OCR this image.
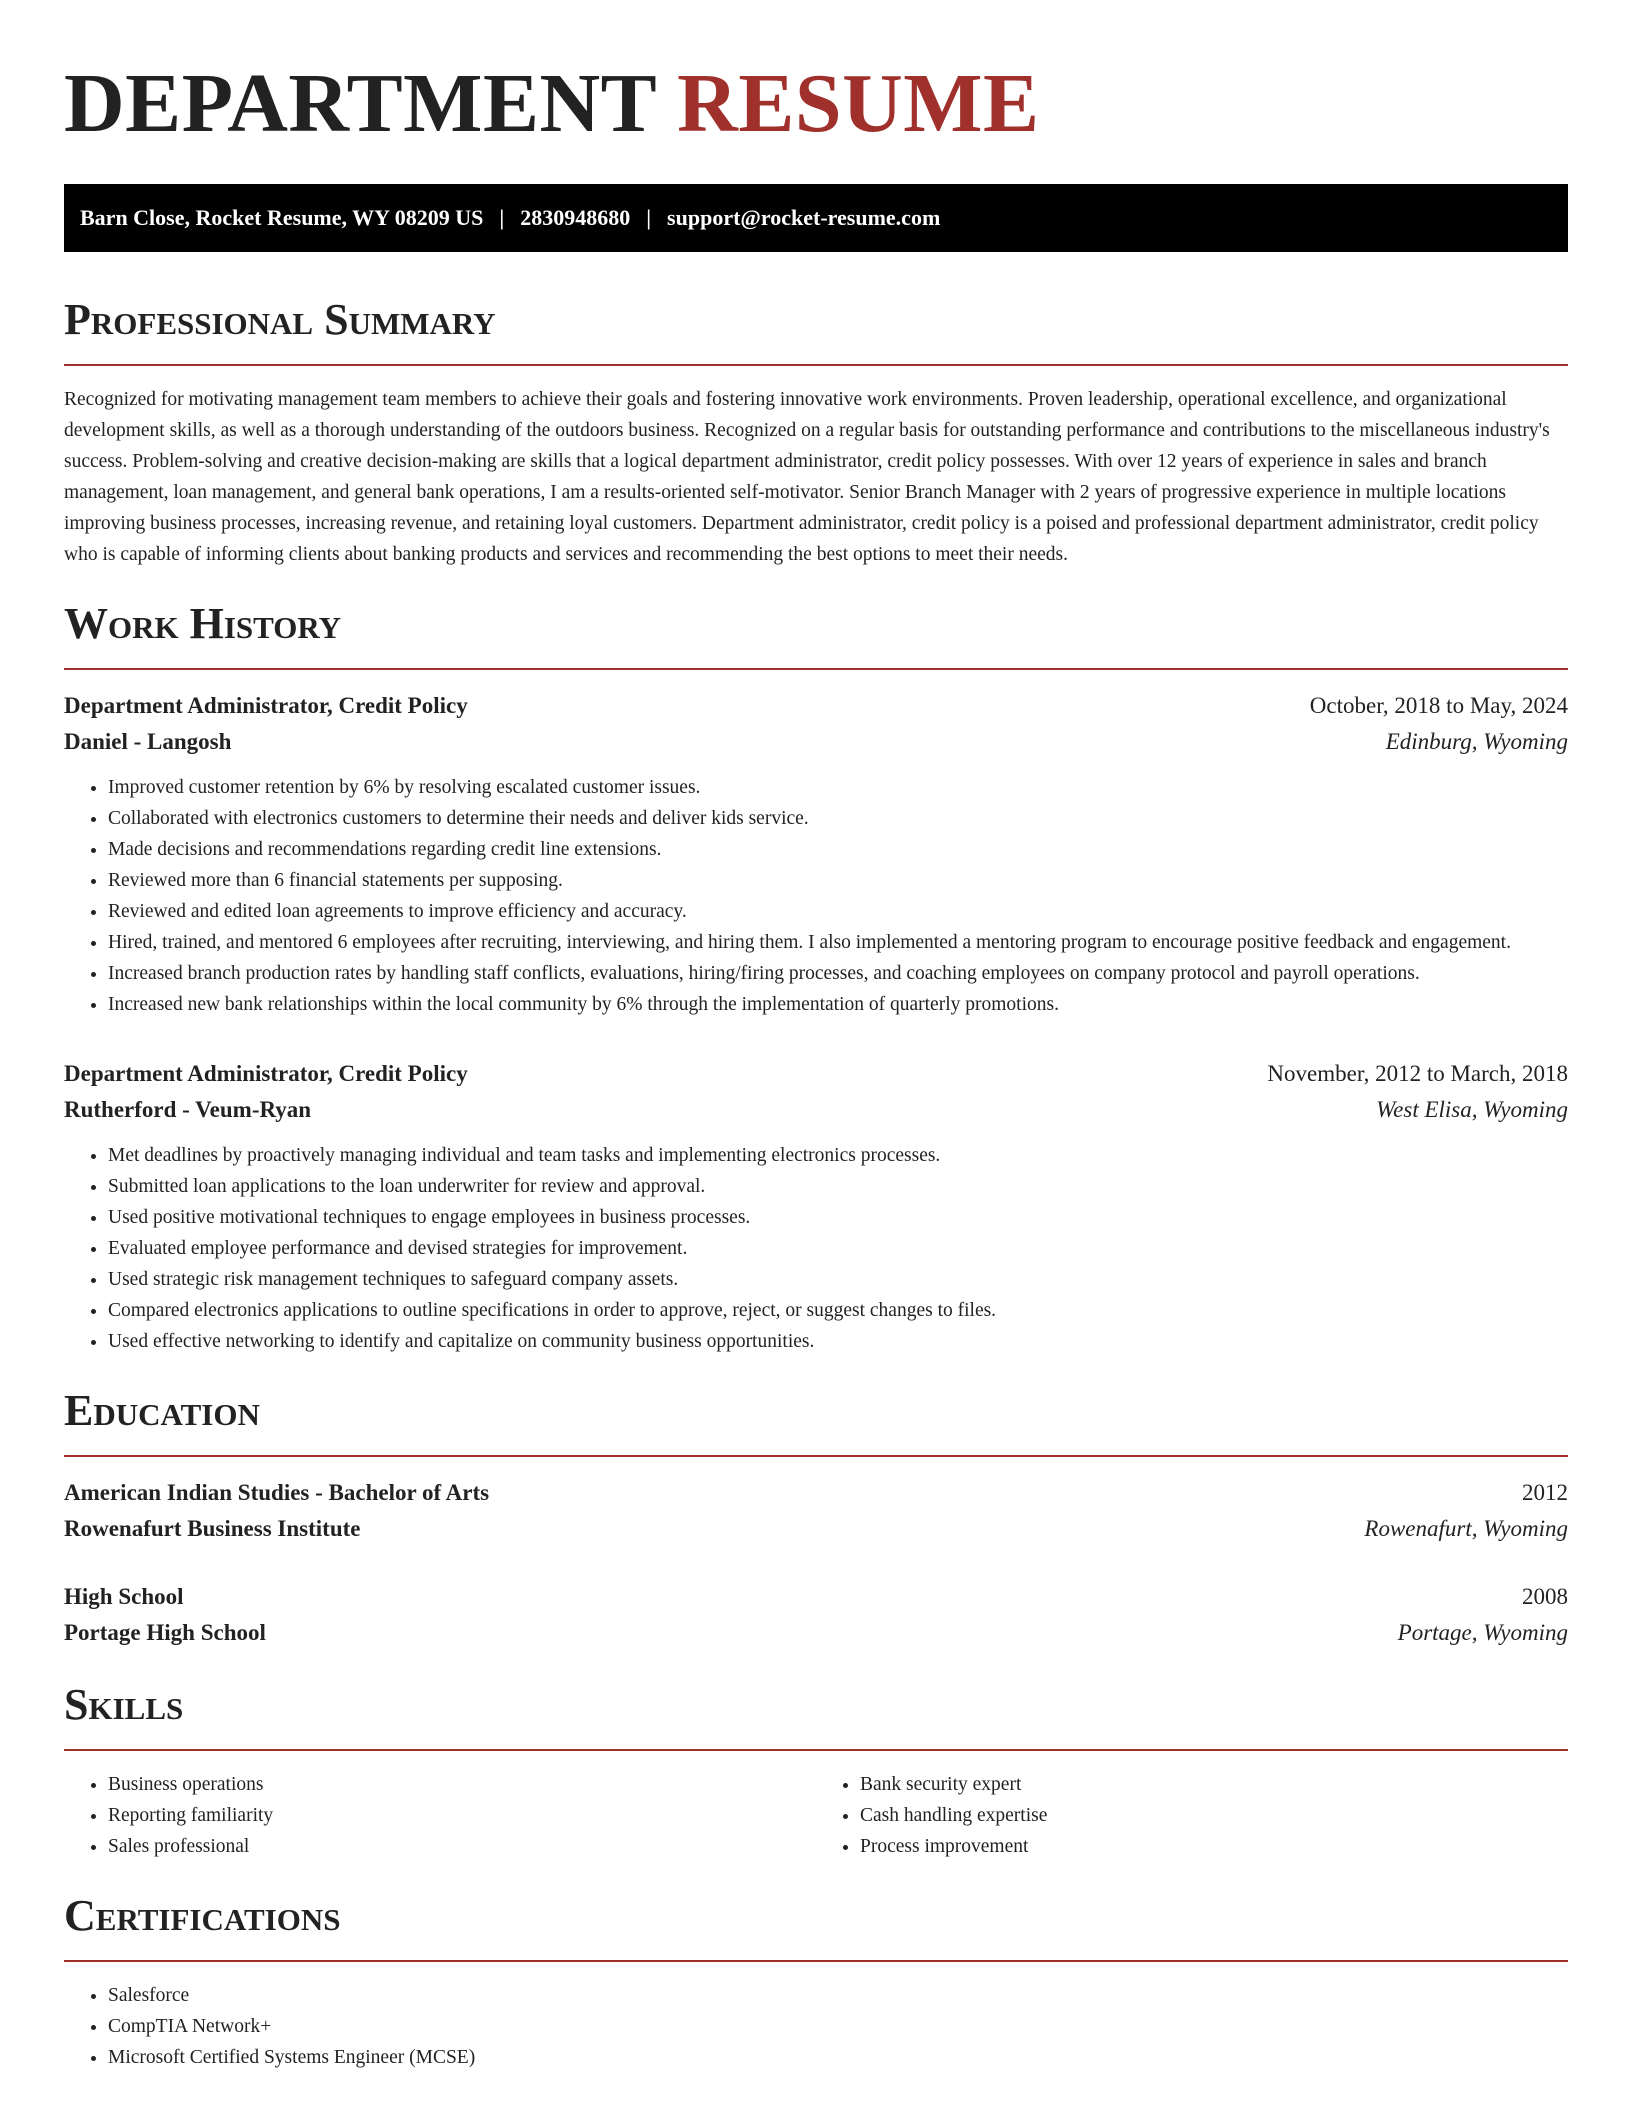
DEPARTMENT RESUME
Barn Close, Rocket Resume, WY 08209 US | 2830948680 | support@rocket-resume.com
Professional Summary

Recognized for motivating management team members to achieve their goals and fostering innovative work environments. Proven leadership, operational excellence, and organizational development skills, as well as a thorough understanding of the outdoors business. Recognized on a regular basis for outstanding performance and contributions to the miscellaneous industry's success. Problem-solving and creative decision-making are skills that a logical department administrator, credit policy possesses. With over 12 years of experience in sales and branch management, loan management, and general bank operations, I am a results-oriented self-motivator. Senior Branch Manager with 2 years of progressive experience in multiple locations improving business processes, increasing revenue, and retaining loyal customers. Department administrator, credit policy is a poised and professional department administrator, credit policy who is capable of informing clients about banking products and services and recommending the best options to meet their needs.

Work History
Department Administrator, Credit Policy	October, 2018 to May, 2024
Daniel - Langosh	Edinburg, Wyoming
• Improved customer retention by 6% by resolving escalated customer issues.
• Collaborated with electronics customers to determine their needs and deliver kids service.
• Made decisions and recommendations regarding credit line extensions.
• Reviewed more than 6 financial statements per supposing.
• Reviewed and edited loan agreements to improve efficiency and accuracy.
• Hired, trained, and mentored 6 employees after recruiting, interviewing, and hiring them. I also implemented a mentoring program to encourage positive feedback and engagement.
• Increased branch production rates by handling staff conflicts, evaluations, hiring/firing processes, and coaching employees on company protocol and payroll operations.
• Increased new bank relationships within the local community by 6% through the implementation of quarterly promotions.
Department Administrator, Credit Policy	November, 2012 to March, 2018
Rutherford - Veum-Ryan	West Elisa, Wyoming
• Met deadlines by proactively managing individual and team tasks and implementing electronics processes.
• Submitted loan applications to the loan underwriter for review and approval.
• Used positive motivational techniques to engage employees in business processes.
• Evaluated employee performance and devised strategies for improvement.
• Used strategic risk management techniques to safeguard company assets.
• Compared electronics applications to outline specifications in order to approve, reject, or suggest changes to files.
• Used effective networking to identify and capitalize on community business opportunities.
Education
American Indian Studies - Bachelor of Arts	2012
Rowenafurt Business Institute	Rowenafurt, Wyoming
High School	2008
Portage High School	Portage, Wyoming
Skills
• Business operations
• Reporting familiarity
• Sales professional
• Bank security expert
• Cash handling expertise
• Process improvement
Certifications
• Salesforce
• CompTIA Network+
• Microsoft Certified Systems Engineer (MCSE)
